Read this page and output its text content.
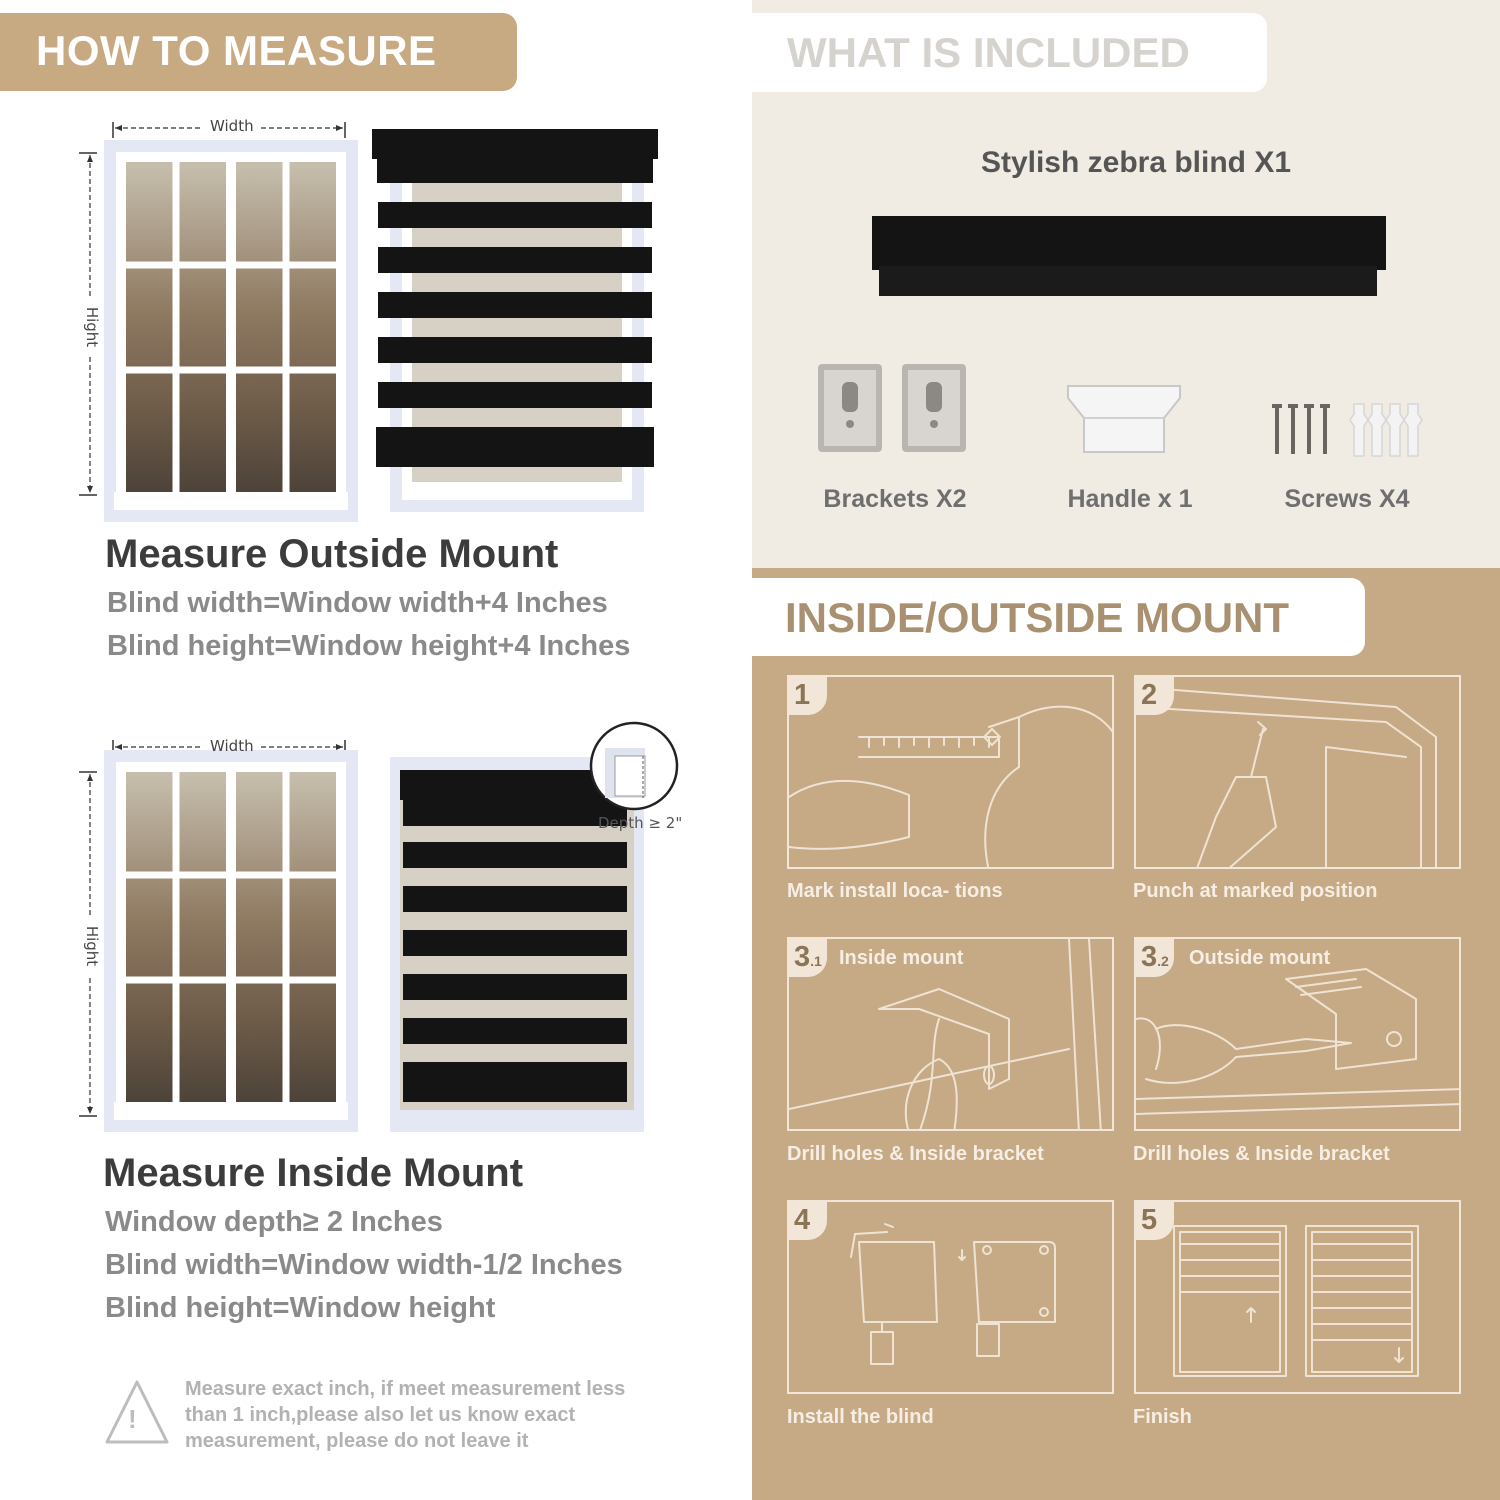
HOW TO MEASURE
Width
Hight
Measure Outside Mount
Blind width=Window width+4 Inches
Blind height=Window height+4 Inches
Width
Hight
Depth ≥ 2"
Measure Inside Mount
Window depth≥ 2 Inches
Blind width=Window width-1/2 Inches
Blind height=Window height
!
Measure exact inch, if meet measurement less
than 1 inch,please also let us know exact
measurement, please do not leave it
WHAT IS INCLUDED
Stylish zebra blind X1
Brackets X2	Handle x 1	Screws X4
INSIDE/OUTSIDE MOUNT
1
Mark install loca- tions
2
Punch at marked position
3.1 Inside mount
Drill holes & Inside bracket
3.2 Outside mount
Drill holes & Inside bracket
4
Install the blind
5
Finish
